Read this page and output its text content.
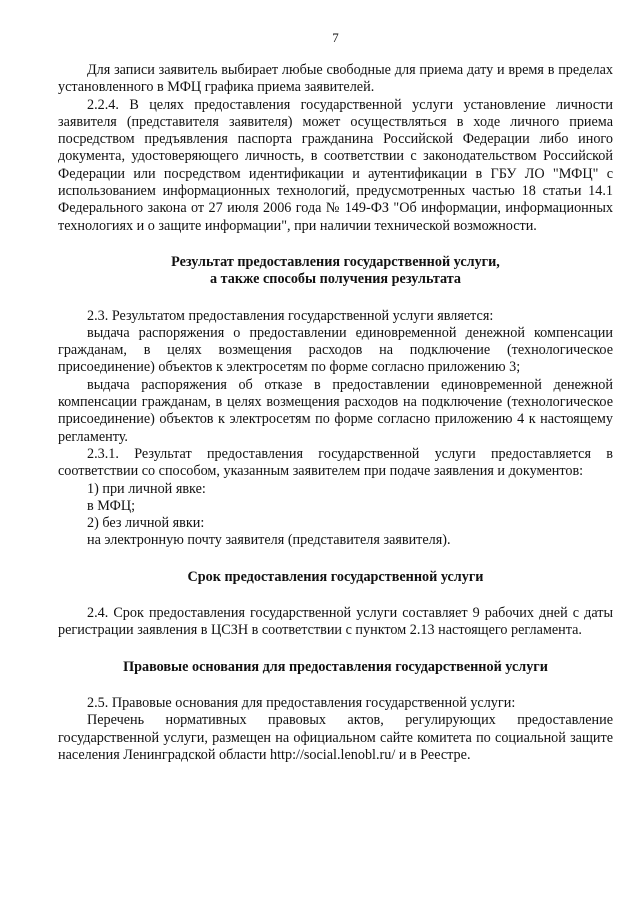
7

Для записи заявитель выбирает любые свободные для приема дату и время в пределах установленного в МФЦ графика приема заявителей.

2.2.4. В целях предоставления государственной услуги установление личности заявителя (представителя заявителя) может осуществляться в ходе личного приема посредством предъявления паспорта гражданина Российской Федерации либо иного документа, удостоверяющего личность, в соответствии с законодательством Российской Федерации или посредством идентификации и аутентификации в ГБУ ЛО "МФЦ" с использованием информационных технологий, предусмотренных частью 18 статьи 14.1 Федерального закона от 27 июля 2006 года № 149-ФЗ "Об информации, информационных технологиях и о защите информации", при наличии технической возможности.

Результат предоставления государственной услуги,
а также способы получения результата

2.3. Результатом предоставления государственной услуги является:

выдача распоряжения о предоставлении единовременной денежной компенсации гражданам, в целях возмещения расходов на подключение (технологическое присоединение) объектов к электросетям по форме согласно приложению 3;

выдача распоряжения об отказе в предоставлении единовременной денежной компенсации гражданам, в целях возмещения расходов на подключение (технологическое присоединение) объектов к электросетям по форме согласно приложению 4 к настоящему регламенту.

2.3.1. Результат предоставления государственной услуги предоставляется в соответствии со способом, указанным заявителем при подаче заявления и документов:

1) при личной явке:

в МФЦ;

2) без личной явки:

на электронную почту заявителя (представителя заявителя).

Срок предоставления государственной услуги

2.4. Срок предоставления государственной услуги составляет 9 рабочих дней с даты регистрации заявления в ЦСЗН в соответствии с пунктом 2.13 настоящего регламента.

Правовые основания для предоставления государственной услуги

2.5. Правовые основания для предоставления государственной услуги:

Перечень нормативных правовых актов, регулирующих предоставление государственной услуги, размещен на официальном сайте комитета по социальной защите населения Ленинградской области http://social.lenobl.ru/ и в Реестре.
